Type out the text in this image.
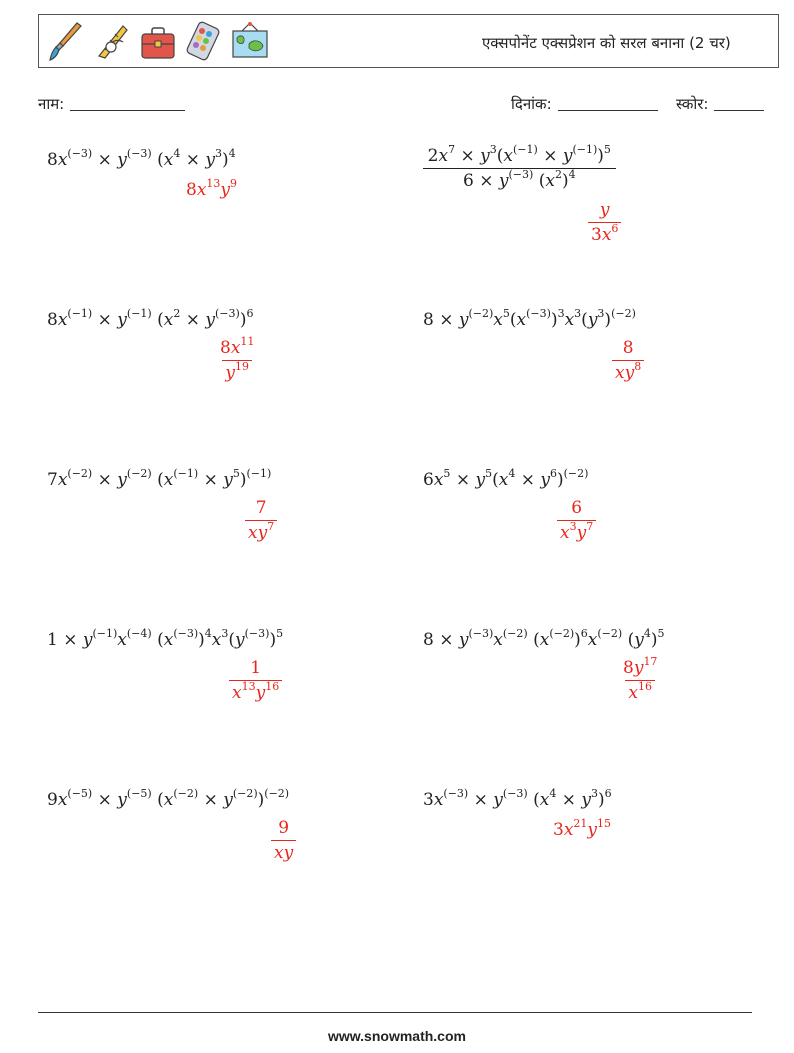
एक्सपोनेंट एक्सप्रेशन को सरल बनाना (2 चर)
नाम:	दिनांक:	स्कोर:
$8x^{(-3)} \times y^{(-3)}$ $(x^4 \times y^3)^4$
$8x^{13}y^9$	$\frac{2x^7 \times y^3(x^{(-1)} \times y^{(-1)})^5}{6 \times y^{(-3)} (x^2)^4}$
$\frac{y}{3x^6}$
$8x^{(-1)} \times y^{(-1)}$ $(x^2 \times y^{(-3)})^6$
$\frac{8x^{11}}{y^{19}}$
$8 \times y^{(-2)}x^5(x^{(-3)})^3x^3(y^3)^{(-2)}$
$\frac{8}{xy^8}$
$7x^{(-2)} \times y^{(-2)}$ $(x^{(-1)} \times y^5)^{(-1)}$
$\frac{7}{xy^7}$
$6x^5 \times y^5(x^4 \times y^6)^{(-2)}$
$\frac{6}{x^3y^7}$
$1 \times y^{(-1)}x^{(-4)}$ $(x^{(-3)})^4x^3(y^{(-3)})^5$
$\frac{1}{x^{13}y^{16}}$
$8 \times y^{(-3)}x^{(-2)}$ $(x^{(-2)})^6x^{(-2)}$ $(y^4)^5$
$\frac{8y^{17}}{x^{16}}$
$9x^{(-5)} \times y^{(-5)}$ $(x^{(-2)} \times y^{(-2)})^{(-2)}$
$\frac{9}{xy}$
$3x^{(-3)} \times y^{(-3)}$ $(x^4 \times y^3)^6$
$3x^{21}y^{15}$
www.snowmath.com
